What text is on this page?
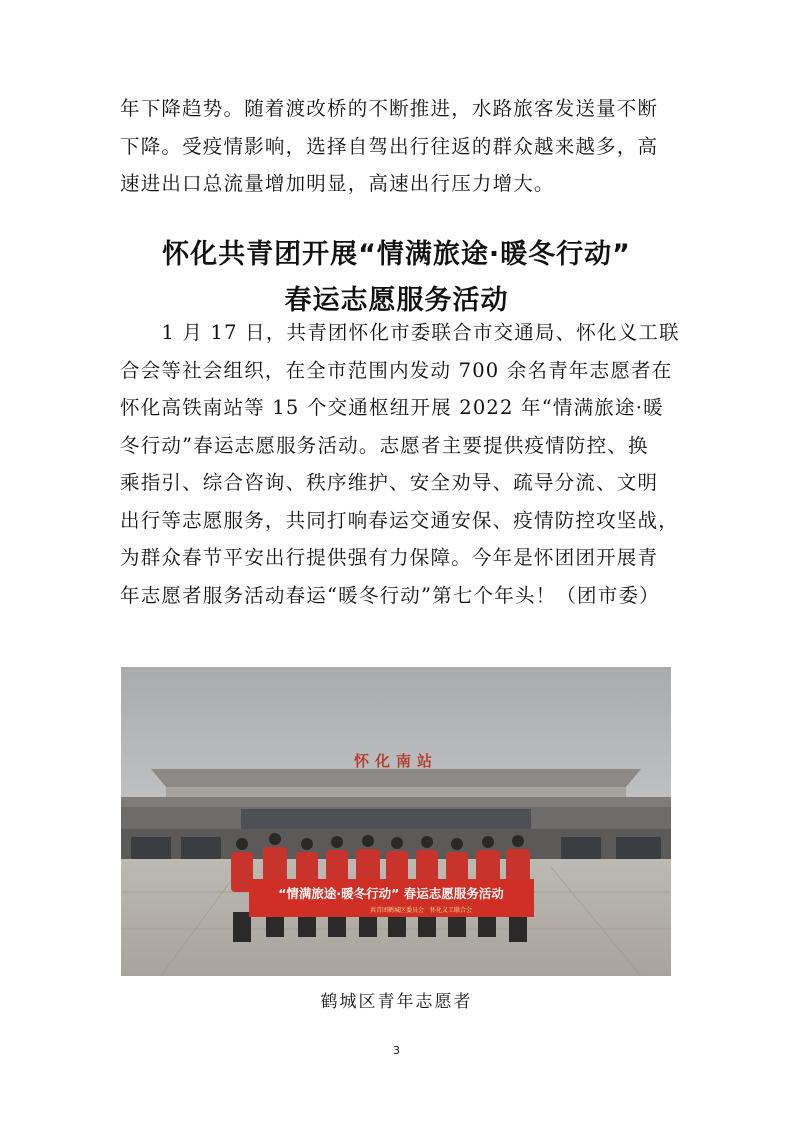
年下降趋势。随着渡改桥的不断推进，水路旅客发送量不断
下降。受疫情影响，选择自驾出行往返的群众越来越多，高
速进出口总流量增加明显，高速出行压力增大。
怀化共青团开展“情满旅途·暖冬行动”
春运志愿服务活动
　　1 月 17 日，共青团怀化市委联合市交通局、怀化义工联
合会等社会组织，在全市范围内发动 700 余名青年志愿者在
怀化高铁南站等 15 个交通枢纽开展 2022 年“情满旅途·暖
冬行动”春运志愿服务活动。志愿者主要提供疫情防控、换
乘指引、综合咨询、秩序维护、安全劝导、疏导分流、文明
出行等志愿服务，共同打响春运交通安保、疫情防控攻坚战，
为群众春节平安出行提供强有力保障。今年是怀团团开展青
年志愿者服务活动春运“暖冬行动”第七个年头！（团市委）
怀化南站
“情满旅途·暖冬行动” 春运志愿服务活动
共青团鹤城区委员会　怀化义工联合会
鹤城区青年志愿者
3
